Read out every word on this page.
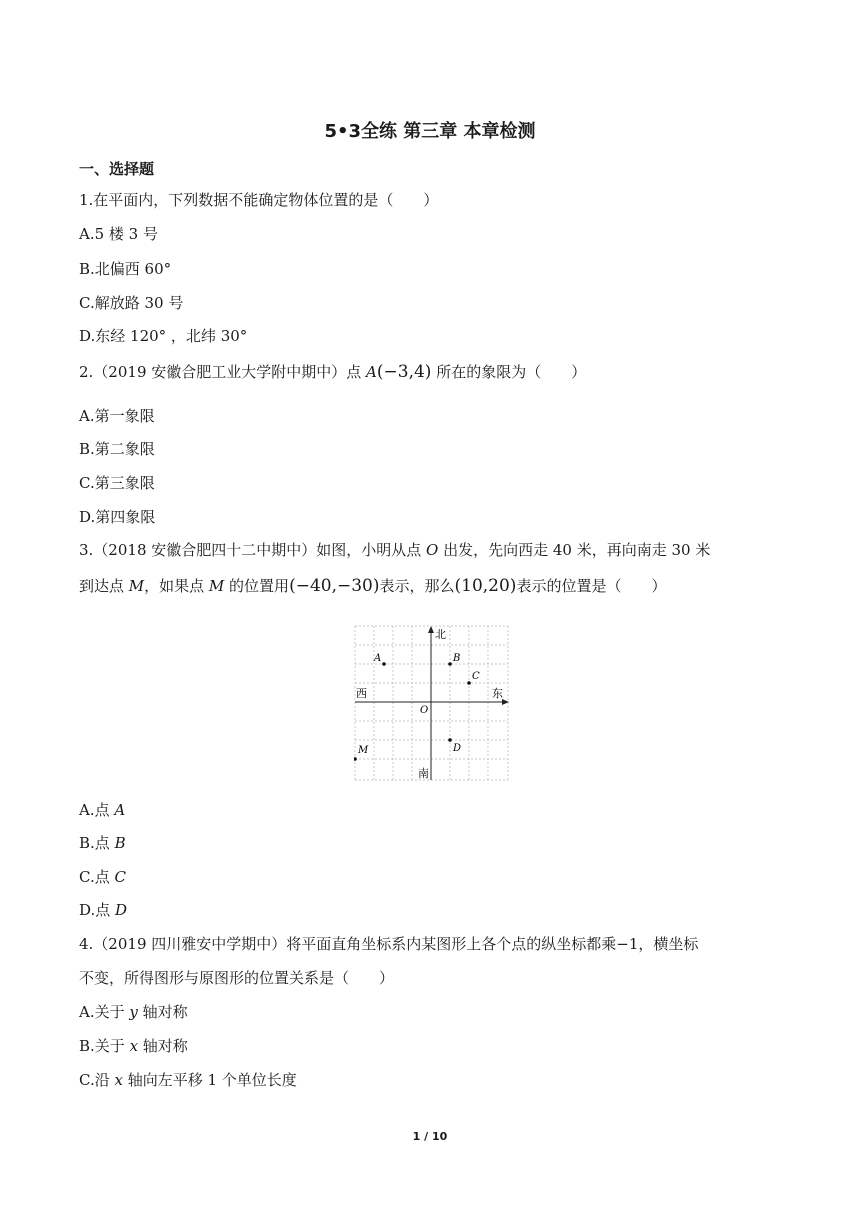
5•3全练 第三章 本章检测
一、选择题
1.在平面内，下列数据不能确定物体位置的是（　　）
A.5 楼 3 号
B.北偏西 60°
C.解放路 30 号
D.东经 120° ，北纬 30°
2.（2019 安徽合肥工业大学附中期中）点 A(−3,4) 所在的象限为（　　）
A.第一象限
B.第二象限
C.第三象限
D.第四象限
3.（2018 安徽合肥四十二中期中）如图，小明从点 O 出发，先向西走 40 米，再向南走 30 米
到达点 M，如果点 M 的位置用(−40,−30)表示，那么(10,20)表示的位置是（　　）
北
南
西	东
O
A	B
C
D
M
A.点 A
B.点 B
C.点 C
D.点 D
4.（2019 四川雅安中学期中）将平面直角坐标系内某图形上各个点的纵坐标都乘−1，横坐标
不变，所得图形与原图形的位置关系是（　　）
A.关于 y 轴对称
B.关于 x 轴对称
C.沿 x 轴向左平移 1 个单位长度
1 / 10
